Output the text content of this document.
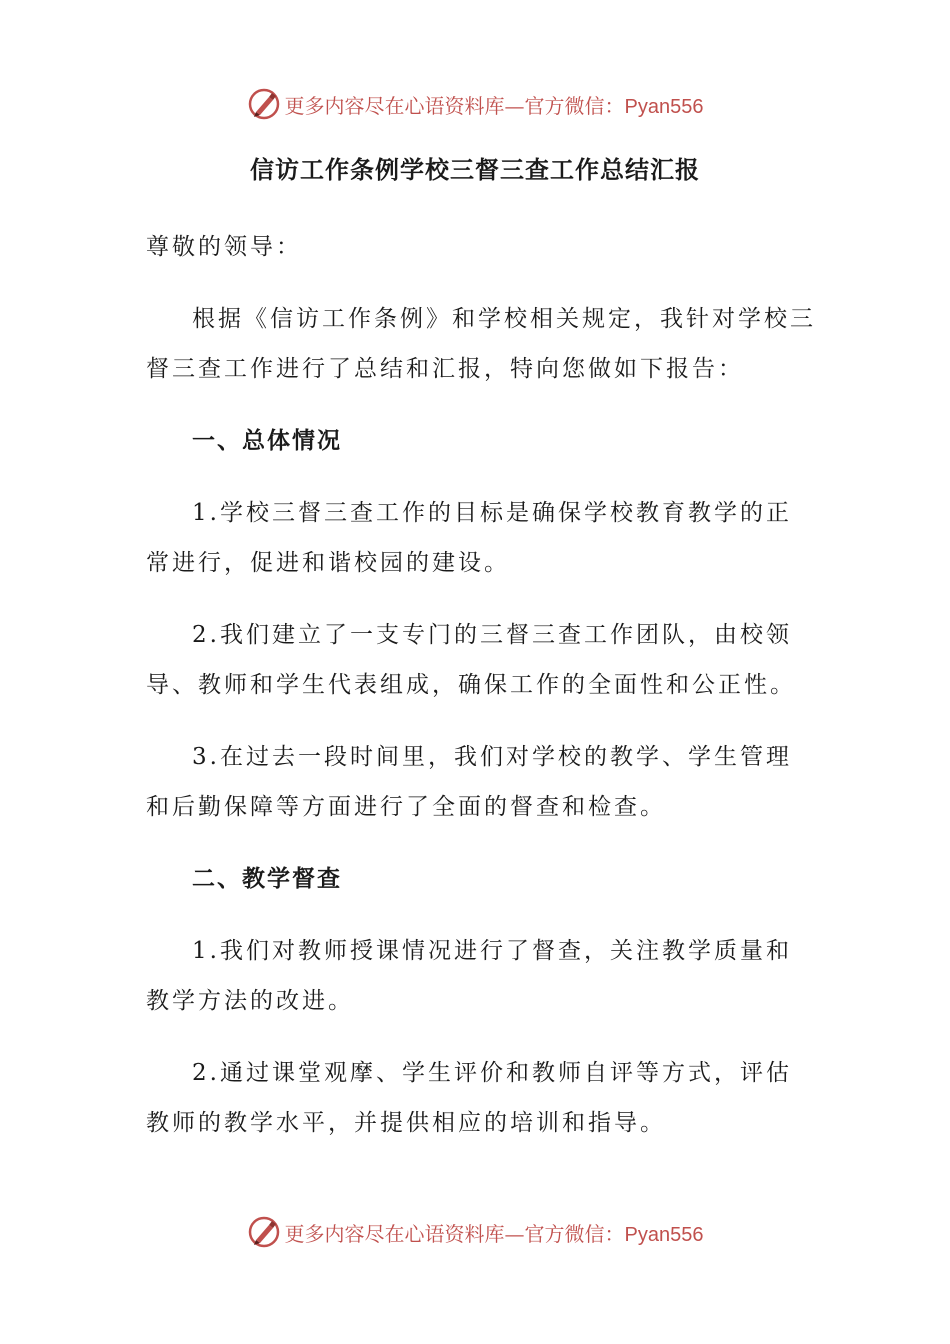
更多内容尽在心语资料库—官方微信：Pyan556
信访工作条例学校三督三查工作总结汇报

尊敬的领导：

根据《信访工作条例》和学校相关规定，我针对学校三督三查工作进行了总结和汇报，特向您做如下报告：

一、总体情况

1.学校三督三查工作的目标是确保学校教育教学的正常进行，促进和谐校园的建设。

2.我们建立了一支专门的三督三查工作团队，由校领导、教师和学生代表组成，确保工作的全面性和公正性。

3.在过去一段时间里，我们对学校的教学、学生管理和后勤保障等方面进行了全面的督查和检查。

二、教学督查

1.我们对教师授课情况进行了督查，关注教学质量和教学方法的改进。

2.通过课堂观摩、学生评价和教师自评等方式，评估教师的教学水平，并提供相应的培训和指导。

更多内容尽在心语资料库—官方微信：Pyan556
